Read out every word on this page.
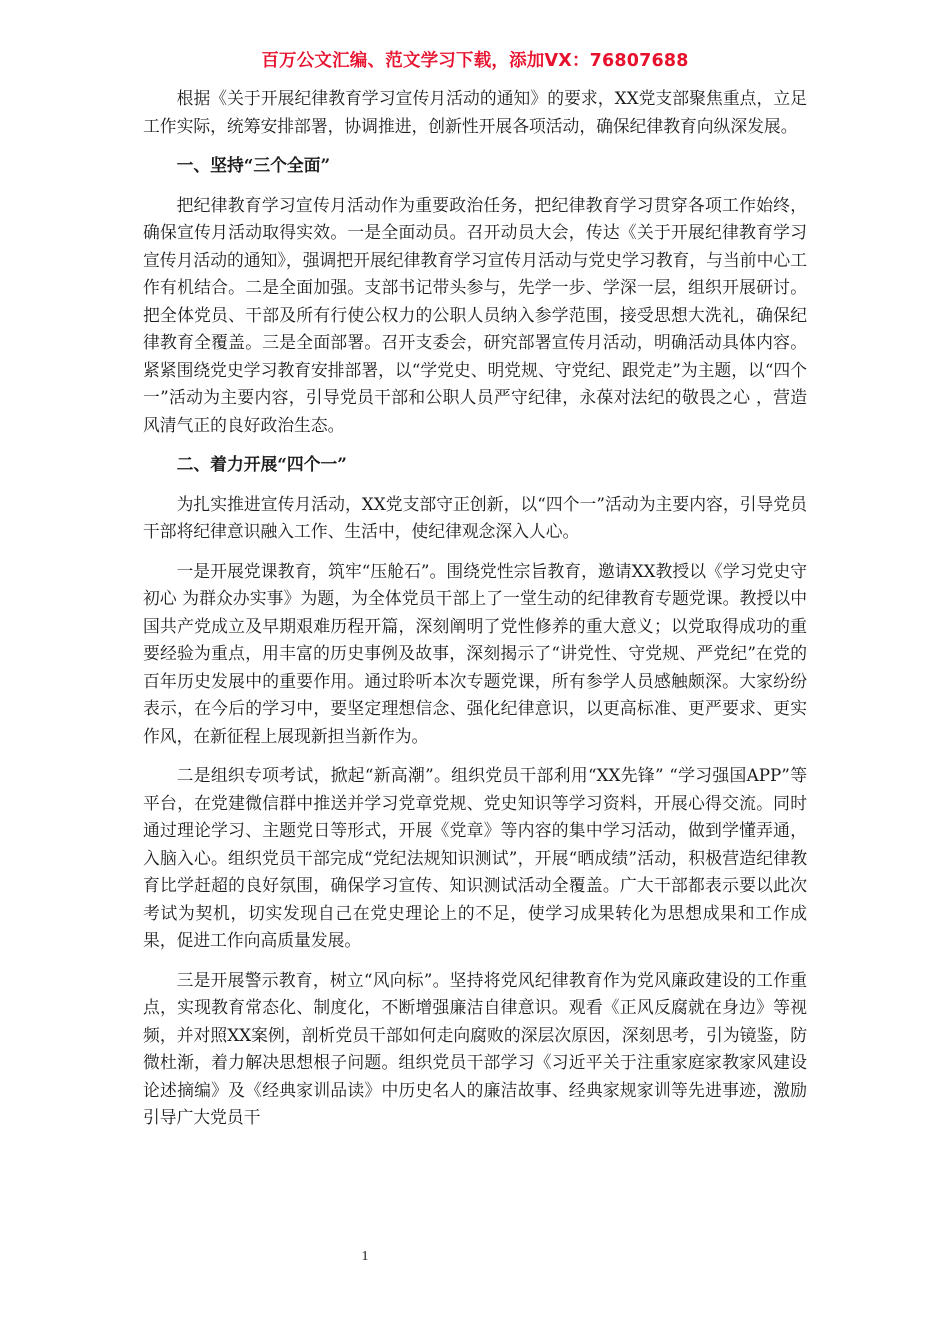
百万公文汇编、范文学习下载，添加VX：76807688

根据《关于开展纪律教育学习宣传月活动的通知》的要求，XX党支部聚焦重点，立足工作实际，统筹安排部署，协调推进，创新性开展各项活动，确保纪律教育向纵深发展。

一、坚持“三个全面”

把纪律教育学习宣传月活动作为重要政治任务，把纪律教育学习贯穿各项工作始终，确保宣传月活动取得实效。一是全面动员。召开动员大会，传达《关于开展纪律教育学习宣传月活动的通知》，强调把开展纪律教育学习宣传月活动与党史学习教育，与当前中心工作有机结合。二是全面加强。支部书记带头参与，先学一步、学深一层，组织开展研讨。把全体党员、干部及所有行使公权力的公职人员纳入参学范围，接受思想大洗礼，确保纪律教育全覆盖。三是全面部署。召开支委会，研究部署宣传月活动，明确活动具体内容。紧紧围绕党史学习教育安排部署，以“学党史、明党规、守党纪、跟党走”为主题，以“四个一”活动为主要内容，引导党员干部和公职人员严守纪律，永葆对法纪的敬畏之心 ，营造风清气正的良好政治生态。

二、着力开展“四个一”

为扎实推进宣传月活动，XX党支部守正创新，以“四个一”活动为主要内容，引导党员干部将纪律意识融入工作、生活中，使纪律观念深入人心。

一是开展党课教育，筑牢“压舱石”。围绕党性宗旨教育，邀请XX教授以《学习党史守初心 为群众办实事》为题，为全体党员干部上了一堂生动的纪律教育专题党课。教授以中国共产党成立及早期艰难历程开篇，深刻阐明了党性修养的重大意义；以党取得成功的重要经验为重点，用丰富的历史事例及故事，深刻揭示了“讲党性、守党规、严党纪”在党的百年历史发展中的重要作用。通过聆听本次专题党课，所有参学人员感触颇深。大家纷纷表示，在今后的学习中，要坚定理想信念、强化纪律意识，以更高标准、更严要求、更实作风，在新征程上展现新担当新作为。

二是组织专项考试，掀起“新高潮”。组织党员干部利用“XX先锋” “学习强国APP”等平台，在党建微信群中推送并学习党章党规、党史知识等学习资料，开展心得交流。同时通过理论学习、主题党日等形式，开展《党章》等内容的集中学习活动，做到学懂弄通，入脑入心。组织党员干部完成“党纪法规知识测试”，开展“晒成绩”活动，积极营造纪律教育比学赶超的良好氛围，确保学习宣传、知识测试活动全覆盖。广大干部都表示要以此次考试为契机，切实发现自己在党史理论上的不足，使学习成果转化为思想成果和工作成果，促进工作向高质量发展。

三是开展警示教育，树立“风向标”。坚持将党风纪律教育作为党风廉政建设的工作重点，实现教育常态化、制度化，不断增强廉洁自律意识。观看《正风反腐就在身边》等视频，并对照XX案例，剖析党员干部如何走向腐败的深层次原因，深刻思考，引为镜鉴，防微杜渐，着力解决思想根子问题。组织党员干部学习《习近平关于注重家庭家教家风建设论述摘编》及《经典家训品读》中历史名人的廉洁故事、经典家规家训等先进事迹，激励引导广大党员干

1
